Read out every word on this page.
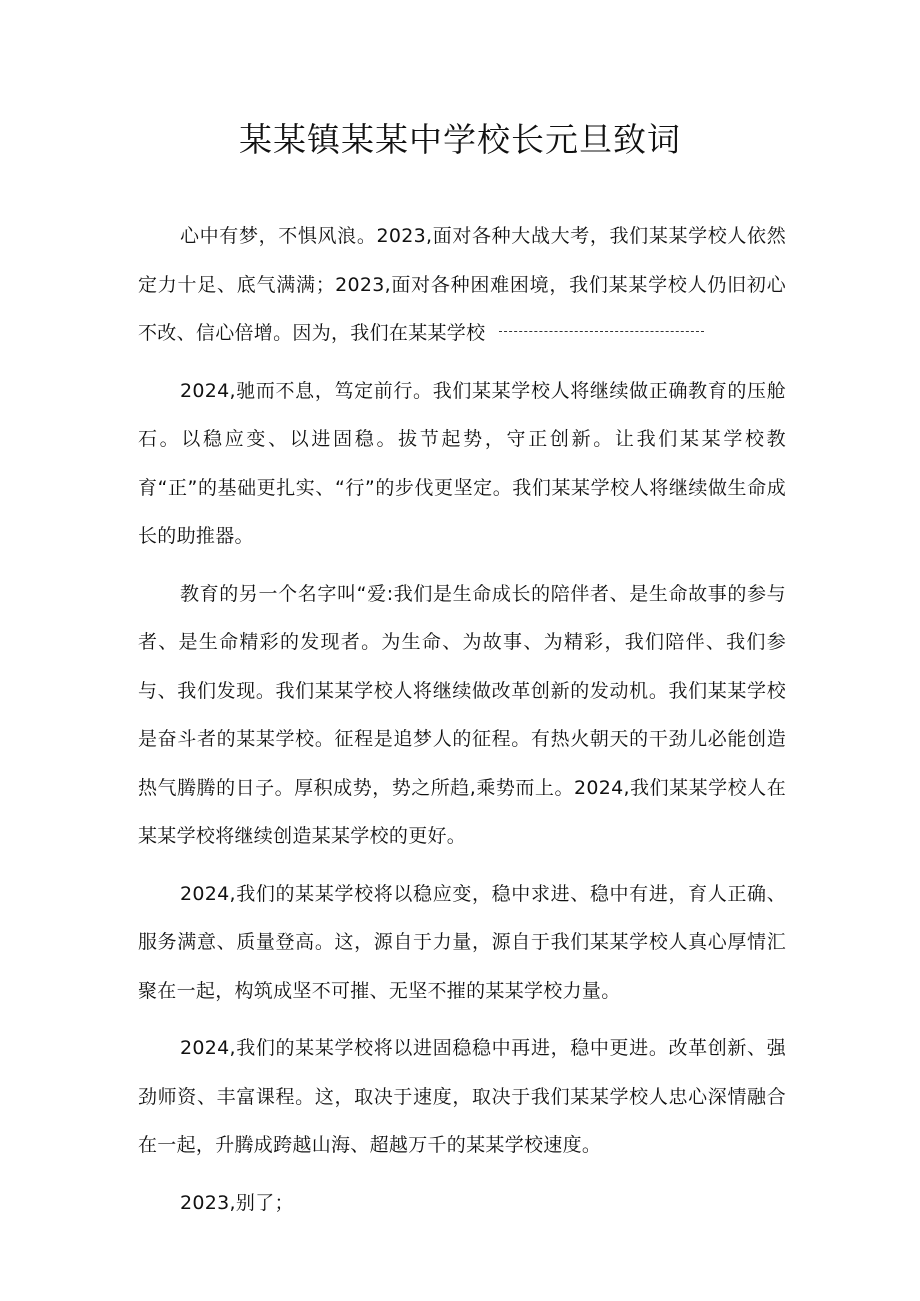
某某镇某某中学校长元旦致词

心中有梦，不惧风浪。2023,面对各种大战大考，我们某某学校人依然定力十足、底气满满；2023,面对各种困难困境，我们某某学校人仍旧初心不改、信心倍增。因为，我们在某某学校

2024,驰而不息，笃定前行。我们某某学校人将继续做正确教育的压舱石。以稳应变、以进固稳。拔节起势，守正创新。让我们某某学校教育“正”的基础更扎实、“行”的步伐更坚定。我们某某学校人将继续做生命成长的助推器。

教育的另一个名字叫“爱:我们是生命成长的陪伴者、是生命故事的参与者、是生命精彩的发现者。为生命、为故事、为精彩，我们陪伴、我们参与、我们发现。我们某某学校人将继续做改革创新的发动机。我们某某学校是奋斗者的某某学校。征程是追梦人的征程。有热火朝天的干劲儿必能创造热气腾腾的日子。厚积成势，势之所趋,乘势而上。2024,我们某某学校人在某某学校将继续创造某某学校的更好。

2024,我们的某某学校将以稳应变，稳中求进、稳中有进，育人正确、服务满意、质量登高。这，源自于力量，源自于我们某某学校人真心厚情汇聚在一起，构筑成坚不可摧、无坚不摧的某某学校力量。

2024,我们的某某学校将以进固稳稳中再进，稳中更进。改革创新、强劲师资、丰富课程。这，取决于速度，取决于我们某某学校人忠心深情融合在一起，升腾成跨越山海、超越万千的某某学校速度。

2023,别了；
